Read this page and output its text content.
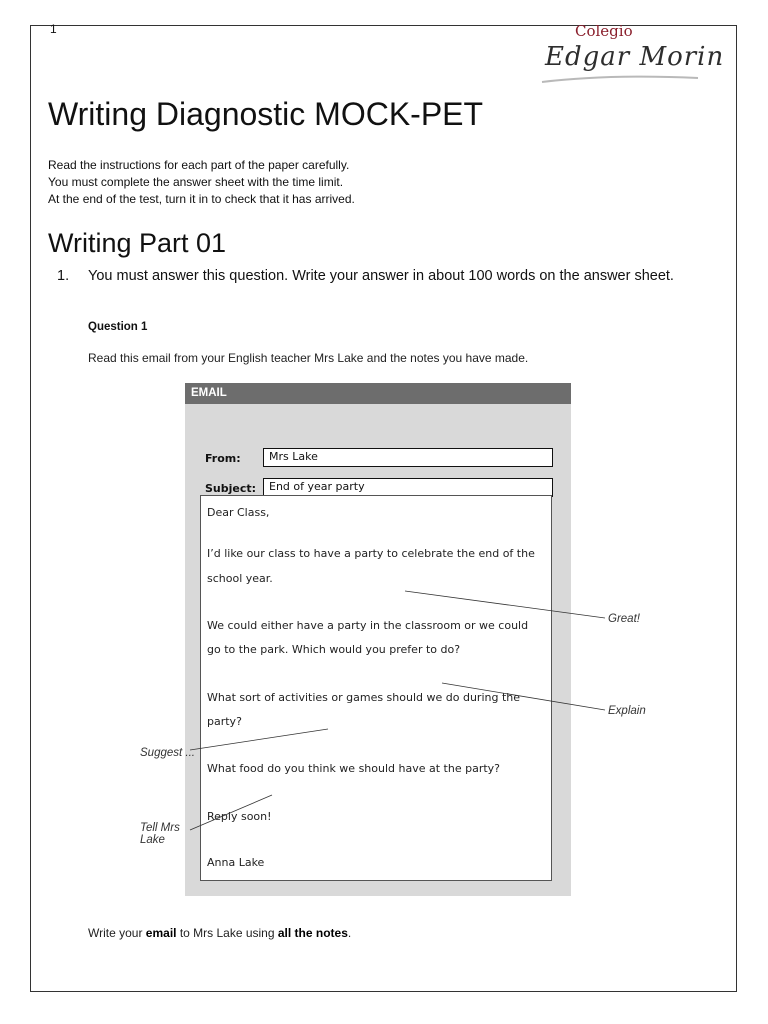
1	Colegio
Edgar Morin
Writing Diagnostic MOCK-PET
Read the instructions for each part of the paper carefully.
You must complete the answer sheet with the time limit.
At the end of the test, turn it in to check that it has arrived.
Writing Part 01
1. You must answer this question. Write your answer in about 100 words on the answer sheet.
Question 1
Read this email from your English teacher Mrs Lake and the notes you have made.
EMAIL
From:	Mrs Lake
Subject:	End of year party
Dear Class,
I’d like our class to have a party to celebrate the end of the
school year.
We could either have a party in the classroom or we could
go to the park. Which would you prefer to do?
What sort of activities or games should we do during the
party?
What food do you think we should have at the party?
Reply soon!
Anna Lake
Great!
Explain
Suggest ...
Tell Mrs
Lake
Write your email to Mrs Lake using all the notes.
